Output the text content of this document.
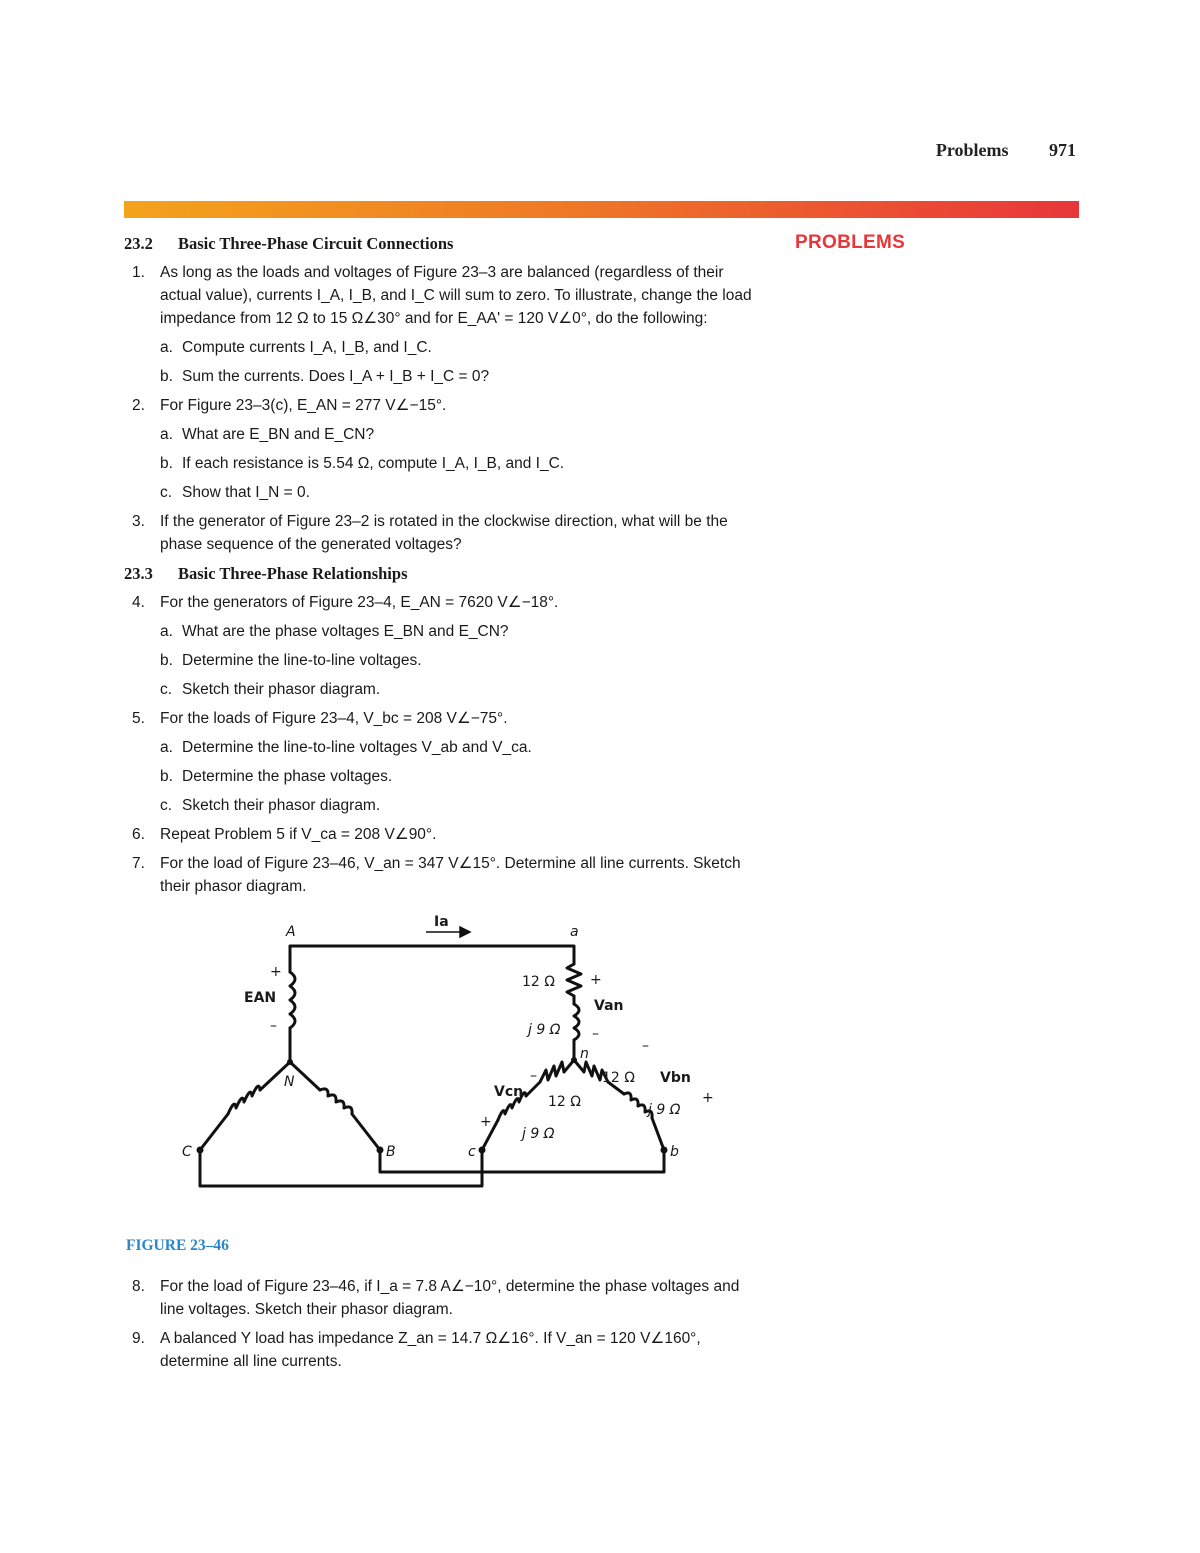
Problems 971
PROBLEMS
23.2 Basic Three-Phase Circuit Connections
1. As long as the loads and voltages of Figure 23–3 are balanced (regardless of their actual value), currents I_A, I_B, and I_C will sum to zero. To illustrate, change the load impedance from 12 Ω to 15 Ω∠30° and for E_AA' = 120 V∠0°, do the following:
a. Compute currents I_A, I_B, and I_C.
b. Sum the currents. Does I_A + I_B + I_C = 0?
2. For Figure 23–3(c), E_AN = 277 V∠−15°.
a. What are E_BN and E_CN?
b. If each resistance is 5.54 Ω, compute I_A, I_B, and I_C.
c. Show that I_N = 0.
3. If the generator of Figure 23–2 is rotated in the clockwise direction, what will be the phase sequence of the generated voltages?
23.3 Basic Three-Phase Relationships
4. For the generators of Figure 23–4, E_AN = 7620 V∠−18°.
a. What are the phase voltages E_BN and E_CN?
b. Determine the line-to-line voltages.
c. Sketch their phasor diagram.
5. For the loads of Figure 23–4, V_bc = 208 V∠−75°.
a. Determine the line-to-line voltages V_ab and V_ca.
b. Determine the phase voltages.
c. Sketch their phasor diagram.
6. Repeat Problem 5 if V_ca = 208 V∠90°.
7. For the load of Figure 23–46, V_an = 347 V∠15°. Determine all line currents. Sketch their phasor diagram.
A	a
Ia
+
EAN
–
N
C	B	c	b
12 Ω	+
Van
j 9 Ω –
n	–
12 Ω Vbn
+
j 9 Ω
–
Vcn
12 Ω
+
j 9 Ω
FIGURE 23–46
8. For the load of Figure 23–46, if I_a = 7.8 A∠−10°, determine the phase voltages and line voltages. Sketch their phasor diagram.
9. A balanced Y load has impedance Z_an = 14.7 Ω∠16°. If V_an = 120 V∠160°, determine all line currents.
